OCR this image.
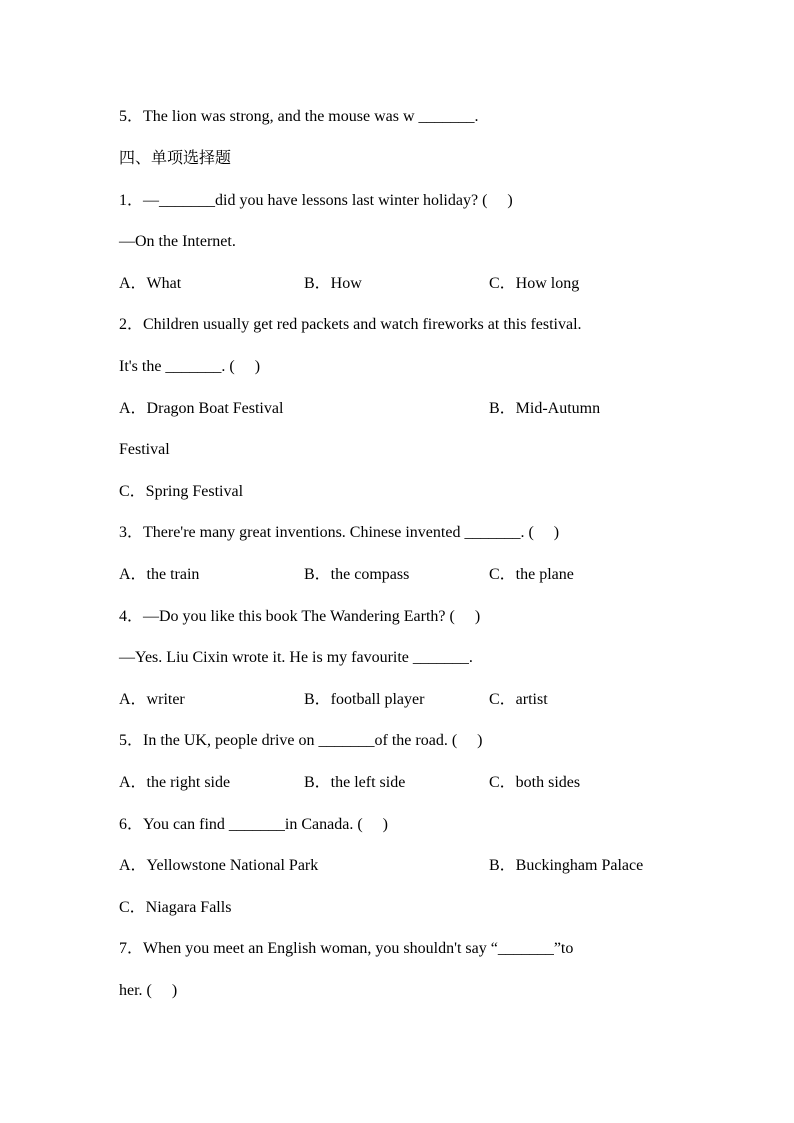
5．The lion was strong, and the mouse was w _______.
四、单项选择题
1．—_______did you have lessons last winter holiday? (     )
—On the Internet.
A．What	B．How	C．How long
2．Children usually get red packets and watch fireworks at this festival.
It's the _______. (     )
A．Dragon Boat Festival	B．Mid-Autumn
Festival
C．Spring Festival
3．There're many great inventions. Chinese invented _______. (     )
A．the train	B．the compass	C．the plane
4．—Do you like this book The Wandering Earth? (     )
—Yes. Liu Cixin wrote it. He is my favourite _______.
A．writer	B．football player	C．artist
5．In the UK, people drive on _______of the road. (     )
A．the right side	B．the left side	C．both sides
6．You can find _______in Canada. (     )
A．Yellowstone National Park	B．Buckingham Palace
C．Niagara Falls
7．When you meet an English woman, you shouldn't say “_______”to
her. (     )
